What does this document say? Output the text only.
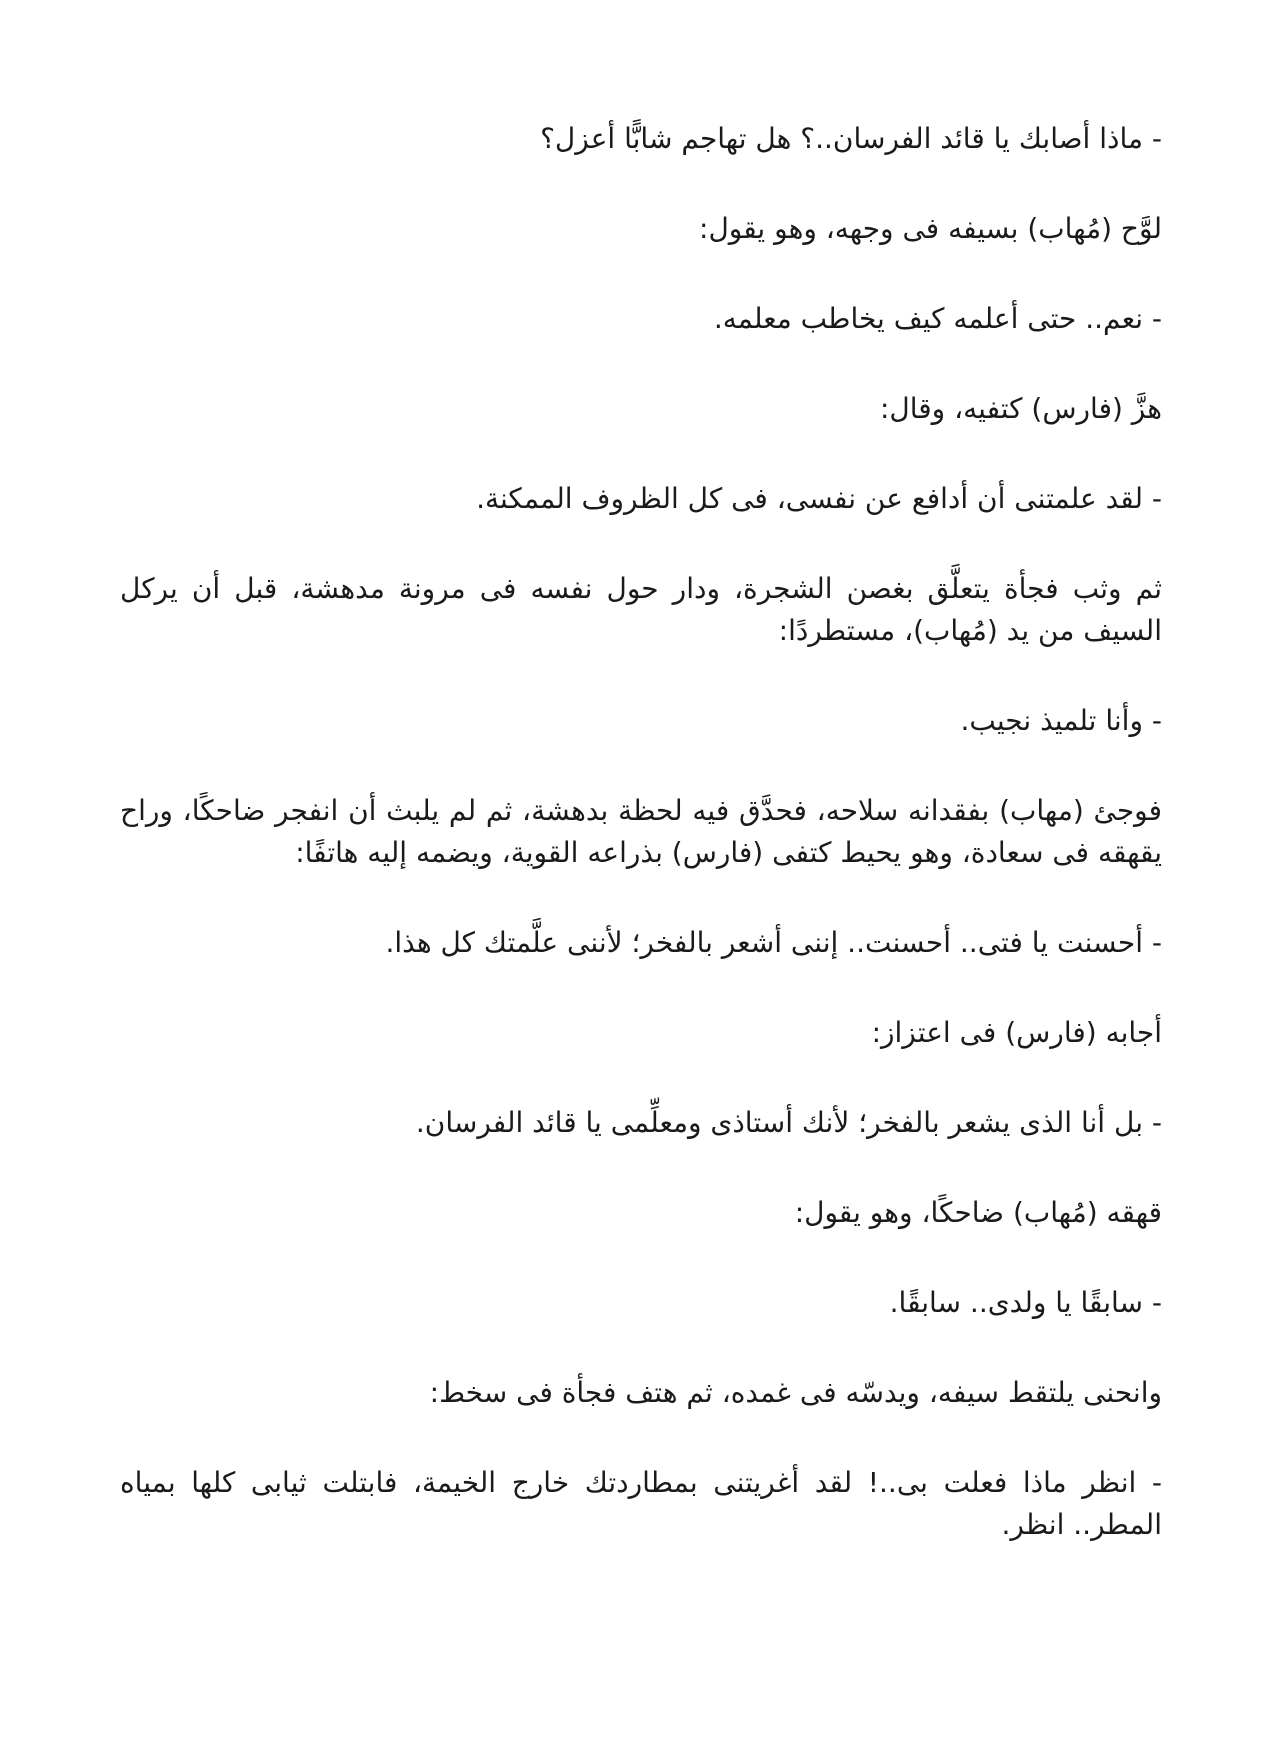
- ماذا أصابك يا قائد الفرسان..؟ هل تهاجم شابًّا أعزل؟

لوَّح (مُهاب) بسيفه فى وجهه، وهو يقول:

- نعم.. حتى أعلمه كيف يخاطب معلمه.

هزَّ (فارس) كتفيه، وقال:

- لقد علمتنى أن أدافع عن نفسى، فى كل الظروف الممكنة.

ثم وثب فجأة يتعلَّق بغصن الشجرة، ودار حول نفسه فى مرونة مدهشة، قبل أن يركل السيف من يد (مُهاب)، مستطردًا:

- وأنا تلميذ نجيب.

فوجئ (مهاب) بفقدانه سلاحه، فحدَّق فيه لحظة بدهشة، ثم لم يلبث أن انفجر ضاحكًا، وراح يقهقه فى سعادة، وهو يحيط كتفى (فارس) بذراعه القوية، ويضمه إليه هاتفًا:

- أحسنت يا فتى.. أحسنت.. إننى أشعر بالفخر؛ لأننى علَّمتك كل هذا.

أجابه (فارس) فى اعتزاز:

- بل أنا الذى يشعر بالفخر؛ لأنك أستاذى ومعلِّمى يا قائد الفرسان.

قهقه (مُهاب) ضاحكًا، وهو يقول:

- سابقًا يا ولدى.. سابقًا.

وانحنى يلتقط سيفه، ويدسّه فى غمده، ثم هتف فجأة فى سخط:

- انظر ماذا فعلت بى..! لقد أغريتنى بمطاردتك خارج الخيمة، فابتلت ثيابى كلها بمياه المطر.. انظر.
